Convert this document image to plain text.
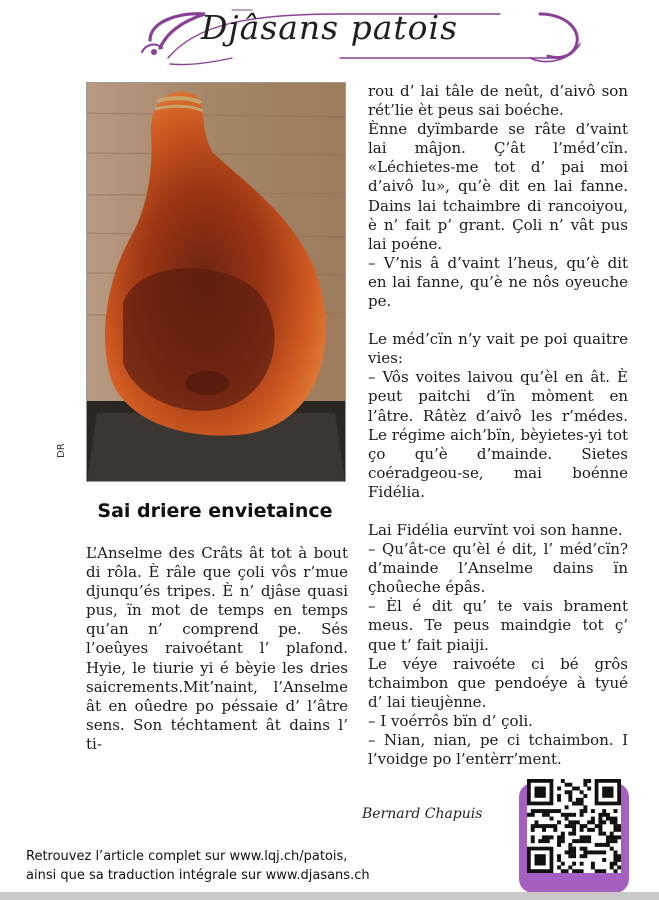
Djâsans patois
DR
Sai driere envietaince

L’Anselme des Crâts ât tot à bout di rôla. È râle que çoli vôs r’mue djunqu’és tripes. È n’ djâse quasi pus, ïn mot de temps en temps qu’an n’ comprend pe. Sés l’oeûyes raivoétant l’ plafond. Hyie, le tiurie yi é bèyie les dries saicrements.Mit’naint, l’Anselme ât en oûedre po péssaie d’ l’âtre sens. Son téchtament ât dains l’ ti-

rou d’ lai tâle de neût, d’aivô son rét’lie èt peus sai boéche.

Ènne dyïmbarde se râte d’vaint lai mâjon. Ç’ât l’méd’cïn. «Léchietes-me tot d’ pai moi d’aivô lu», qu’è dit en lai fanne. Dains lai tchaimbre di rancoiyou, è n’ fait p’ grant. Çoli n’ vât pus lai poéne.

– V’nis â d’vaint l’heus, qu’è dit en lai fanne, qu’è ne nôs oyeuche pe.

Le méd’cïn n’y vait pe poi quaitre vies:

– Vôs voites laivou qu’èl en ât. È peut paitchi d’ïn mòment en l’âtre. Râtèz d’aivô les r’médes. Le régime aich’bïn, bèyietes-yi tot ço qu’è d’mainde. Sietes coéradgeou-se, mai boénne Fidélia.

Lai Fidélia eurvïnt voi son hanne.

– Qu’ât-ce qu’èl é dit, l’ méd’cïn? d’mainde l’Anselme dains ïn çhoûeche épâs.

– Èl é dit qu’ te vais brament meus. Te peus maindgie tot ç’ que t’ fait piaiji.

Le véye raivoéte ci bé grôs tchaimbon que pendoéye à tyué d’ lai tieujènne.

– I voérrôs bïn d’ çoli.

– Nian, nian, pe ci tchaimbon. I l’voidge po l’entèrr’ment.

Bernard Chapuis
Retrouvez l’article complet sur www.lqj.ch/patois,
ainsi que sa traduction intégrale sur www.djasans.ch
